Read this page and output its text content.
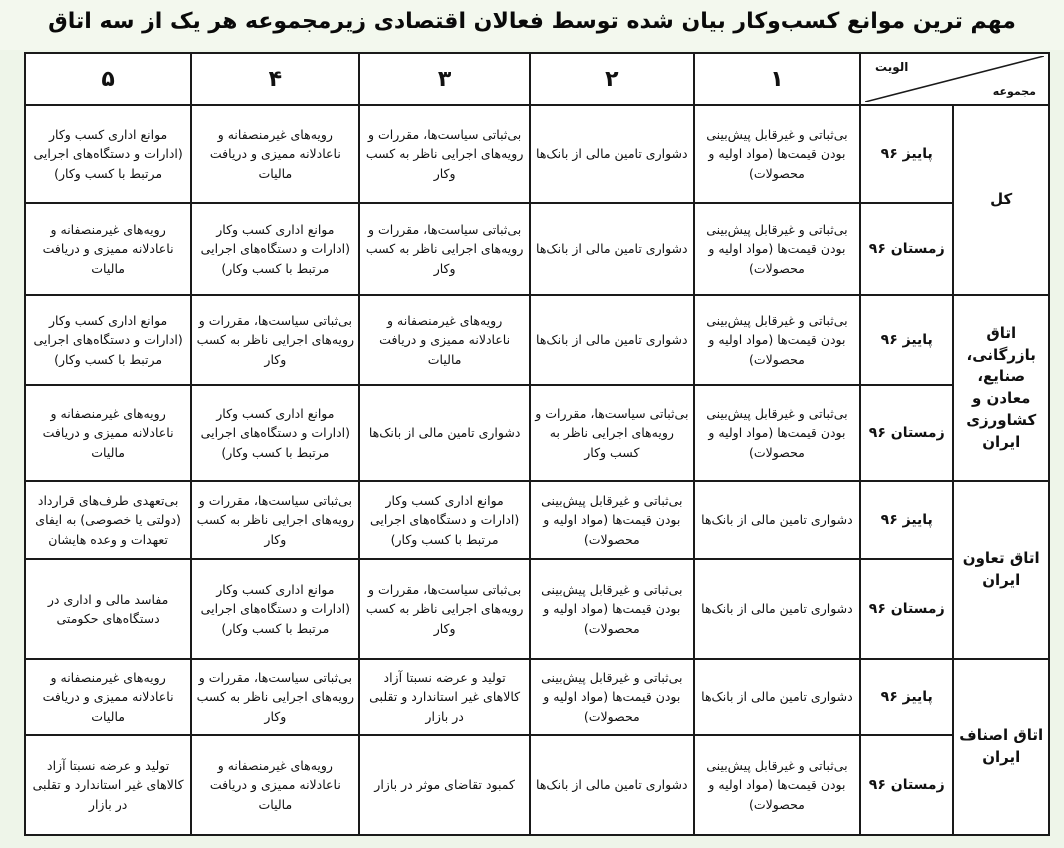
مهم ترین موانع کسب‌وکار بیان شده توسط فعالان اقتصادی زیرمجموعه هر یک از سه اتاق
الویت
مجموعه		۱	۲	۳	۴	۵
کل	پاییز ۹۶	بی‌ثباتی و غیرقابل پیش‌بینی بودن قیمت‌ها (مواد اولیه و محصولات)	دشواری تامین مالی از بانک‌ها	بی‌ثباتی سیاست‌ها، مقررات و رویه‌های اجرایی ناظر به کسب وکار	رویه‌های غیرمنصفانه و ناعادلانه ممیزی و دریافت مالیات	موانع اداری کسب وکار (ادارات و دستگاه‌های اجرایی مرتبط با کسب وکار)
	زمستان ۹۶	بی‌ثباتی و غیرقابل پیش‌بینی بودن قیمت‌ها (مواد اولیه و محصولات)	دشواری تامین مالی از بانک‌ها	بی‌ثباتی سیاست‌ها، مقررات و رویه‌های اجرایی ناظر به کسب وکار	موانع اداری کسب وکار (ادارات و دستگاه‌های اجرایی مرتبط با کسب وکار)	رویه‌های غیرمنصفانه و ناعادلانه ممیزی و دریافت مالیات
اتاق بازرگانی، صنایع، معادن و کشاورزی ایران	پاییز ۹۶	بی‌ثباتی و غیرقابل پیش‌بینی بودن قیمت‌ها (مواد اولیه و محصولات)	دشواری تامین مالی از بانک‌ها	رویه‌های غیرمنصفانه و ناعادلانه ممیزی و دریافت مالیات	بی‌ثباتی سیاست‌ها، مقررات و رویه‌های اجرایی ناظر به کسب وکار	موانع اداری کسب وکار (ادارات و دستگاه‌های اجرایی مرتبط با کسب وکار)
	زمستان ۹۶	بی‌ثباتی و غیرقابل پیش‌بینی بودن قیمت‌ها (مواد اولیه و محصولات)	بی‌ثباتی سیاست‌ها، مقررات و رویه‌های اجرایی ناظر به کسب وکار	دشواری تامین مالی از بانک‌ها	موانع اداری کسب وکار (ادارات و دستگاه‌های اجرایی مرتبط با کسب وکار)	رویه‌های غیرمنصفانه و ناعادلانه ممیزی و دریافت مالیات
اتاق تعاون ایران	پاییز ۹۶	دشواری تامین مالی از بانک‌ها	بی‌ثباتی و غیرقابل پیش‌بینی بودن قیمت‌ها (مواد اولیه و محصولات)	موانع اداری کسب وکار (ادارات و دستگاه‌های اجرایی مرتبط با کسب وکار)	بی‌ثباتی سیاست‌ها، مقررات و رویه‌های اجرایی ناظر به کسب وکار	بی‌تعهدی طرف‌های قرارداد (دولتی یا خصوصی) به ایفای تعهدات و وعده هایشان
	زمستان ۹۶	دشواری تامین مالی از بانک‌ها	بی‌ثباتی و غیرقابل پیش‌بینی بودن قیمت‌ها (مواد اولیه و محصولات)	بی‌ثباتی سیاست‌ها، مقررات و رویه‌های اجرایی ناظر به کسب وکار	موانع اداری کسب وکار (ادارات و دستگاه‌های اجرایی مرتبط با کسب وکار)	مفاسد مالی و اداری در دستگاه‌های حکومتی
اتاق اصناف ایران	پاییز ۹۶	دشواری تامین مالی از بانک‌ها	بی‌ثباتی و غیرقابل پیش‌بینی بودن قیمت‌ها (مواد اولیه و محصولات)	تولید و عرضه نسبتا آزاد کالاهای غیر استاندارد و تقلبی در بازار	بی‌ثباتی سیاست‌ها، مقررات و رویه‌های اجرایی ناظر به کسب وکار	رویه‌های غیرمنصفانه و ناعادلانه ممیزی و دریافت مالیات
	زمستان ۹۶	بی‌ثباتی و غیرقابل پیش‌بینی بودن قیمت‌ها (مواد اولیه و محصولات)	دشواری تامین مالی از بانک‌ها	کمبود تقاضای موثر در بازار	رویه‌های غیرمنصفانه و ناعادلانه ممیزی و دریافت مالیات	تولید و عرضه نسبتا آزاد کالاهای غیر استاندارد و تقلبی در بازار
